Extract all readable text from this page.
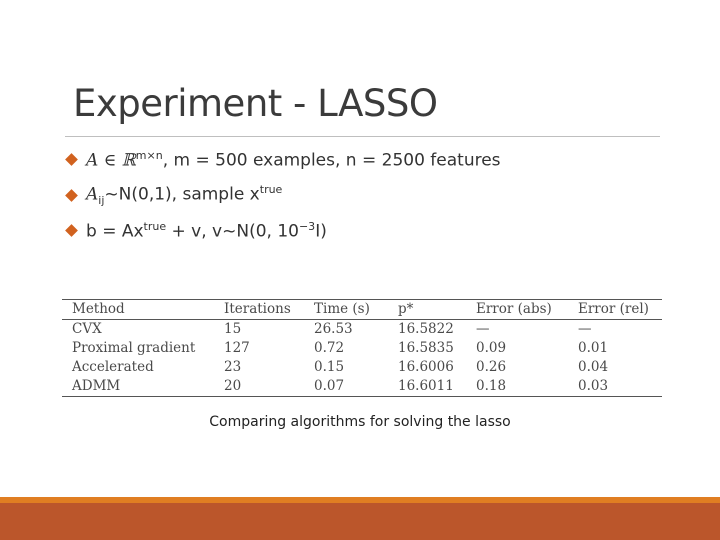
Experiment - LASSO
A ∈ ℝ$^{m\times n}$, m = 500 examples, n = 2500 features
$A_{ij}\sim N(0,1)$, sample $x^{true}$
$b = Ax^{true} + v$, v~N(0, $10^{-3}I$)
Method	Iterations	Time (s)	p*	Error (abs)	Error (rel)
CVX	15	26.53	16.5822	—	—
Proximal gradient	127	0.72	16.5835	0.09	0.01
Accelerated	23	0.15	16.6006	0.26	0.04
ADMM	20	0.07	16.6011	0.18	0.03
Comparing algorithms for solving the lasso
